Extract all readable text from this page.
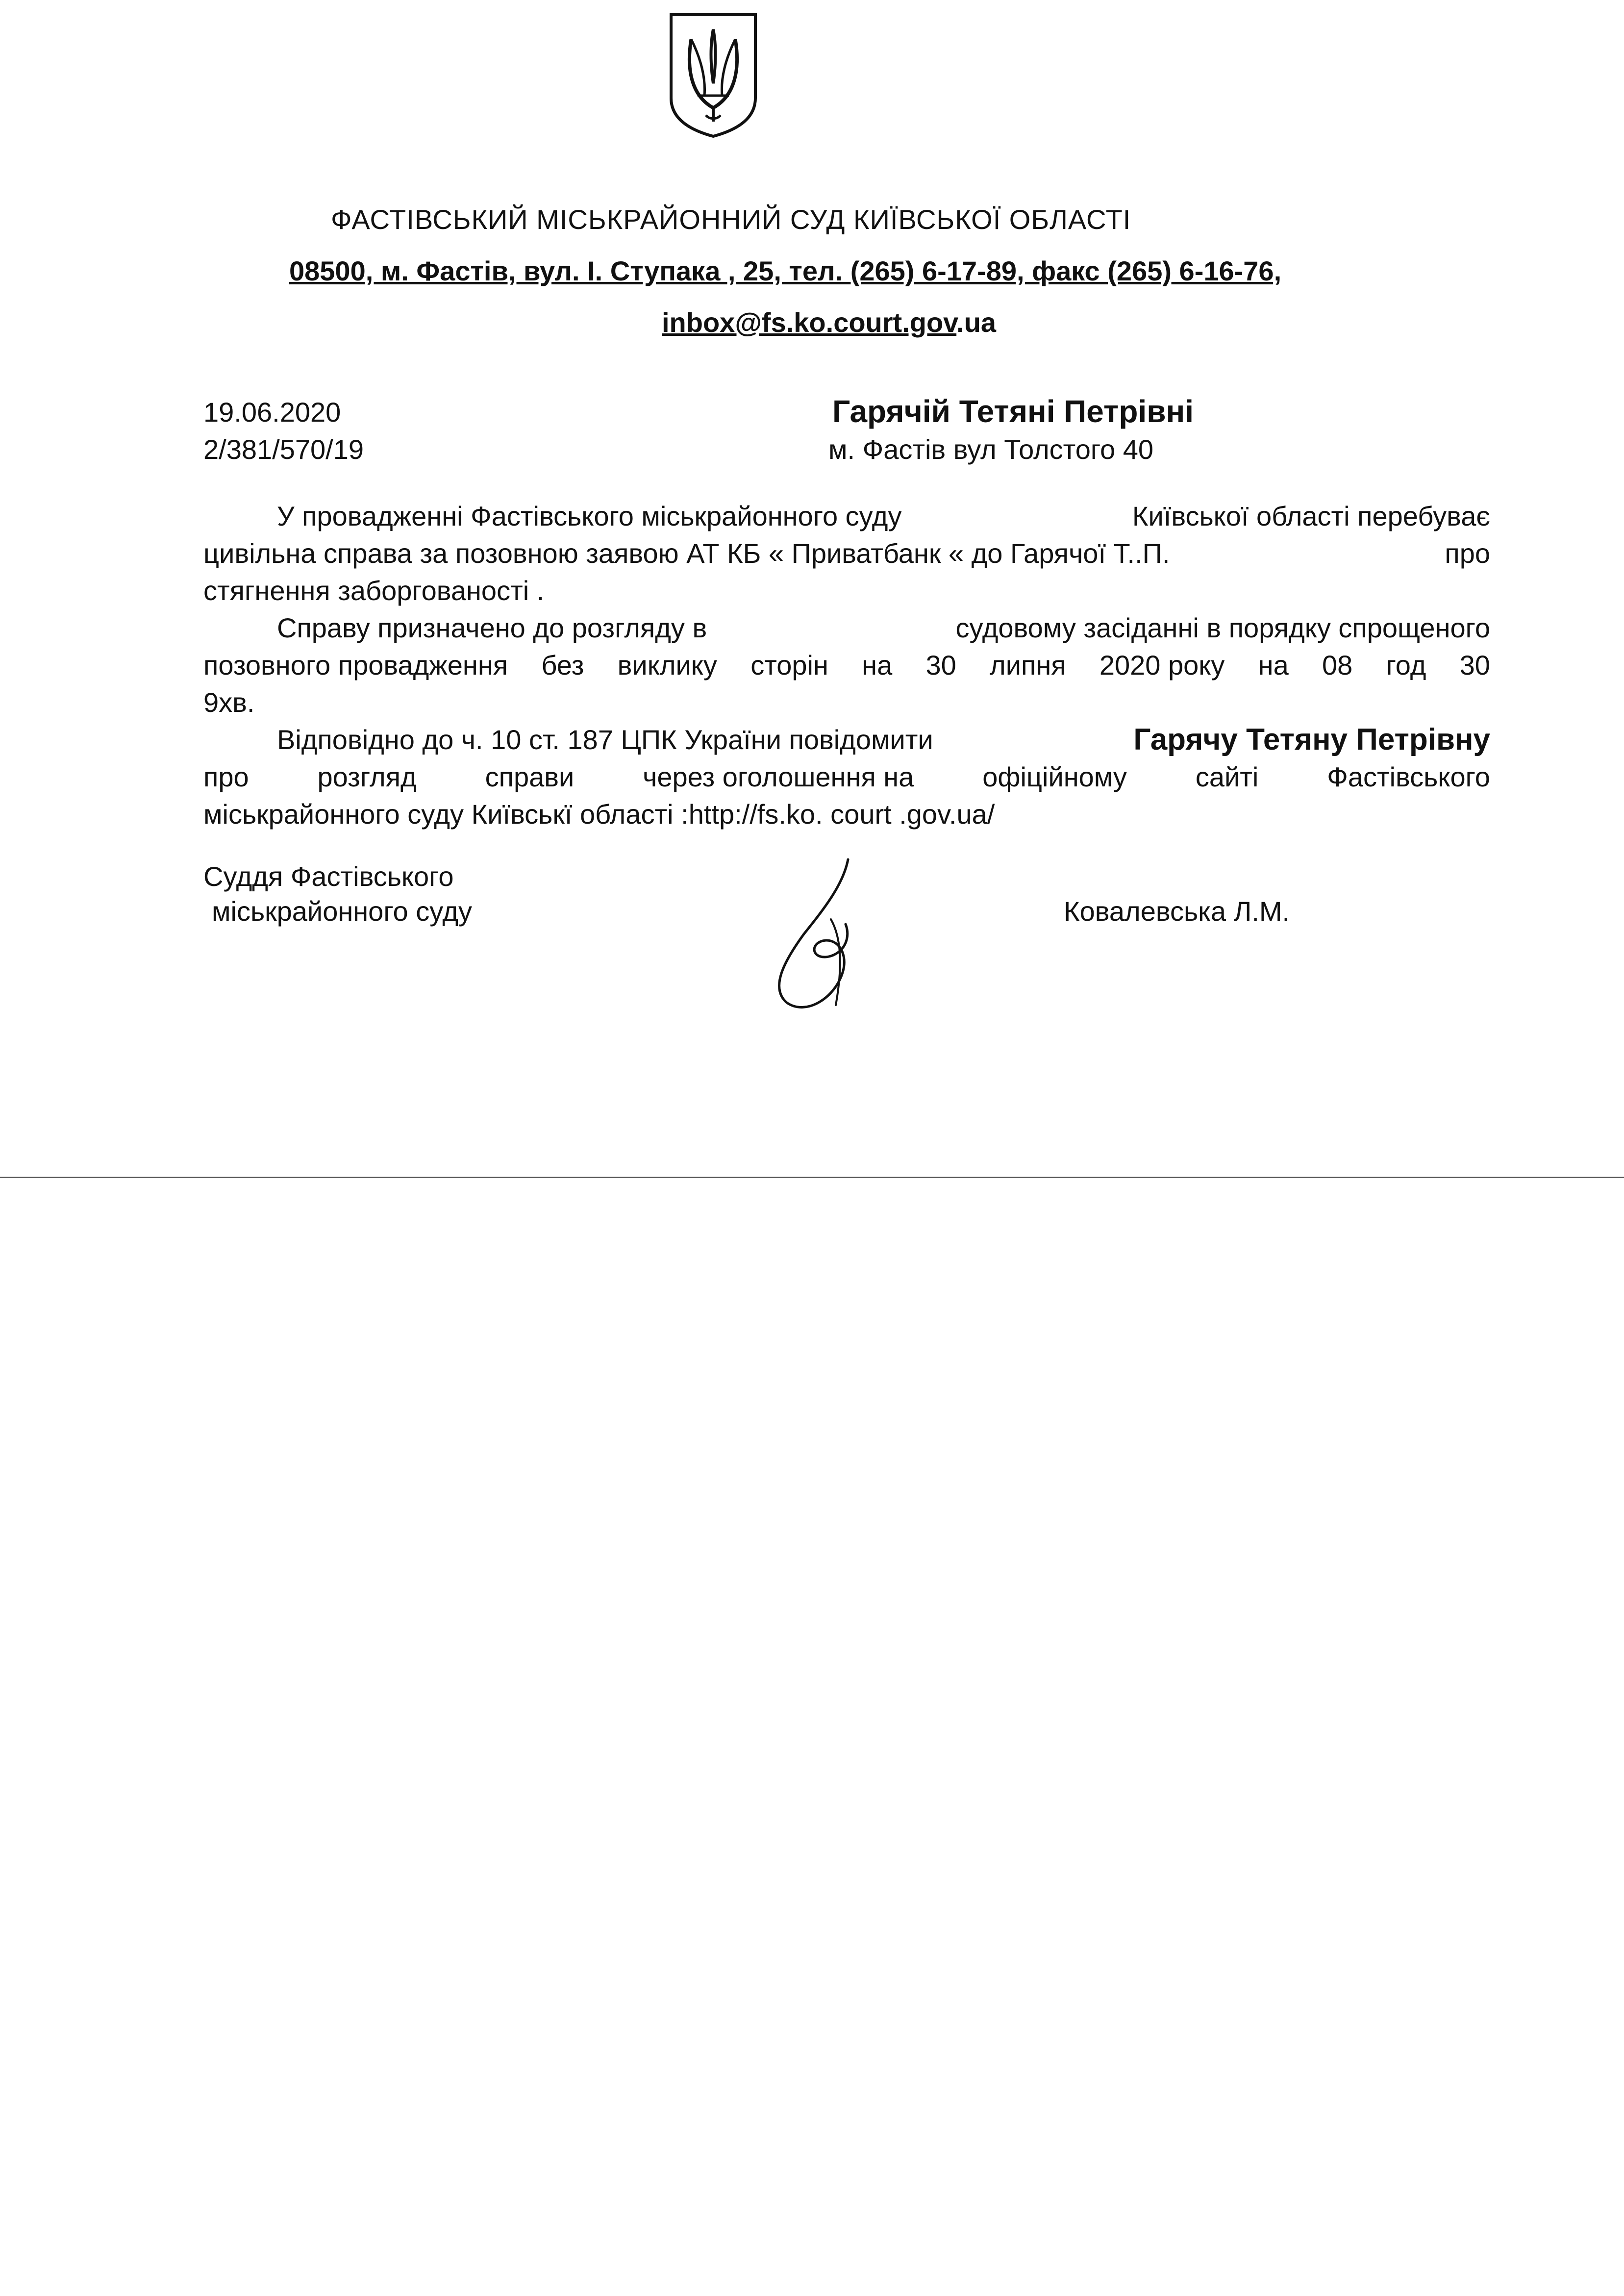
ФАСТІВСЬКИЙ МІСЬКРАЙОННИЙ СУД КИЇВСЬКОЇ ОБЛАСТІ
08500, м. Фастів, вул. І. Ступака , 25, тел. (265) 6-17-89, факс (265) 6-16-76,
inbox@fs.ko.court.gov.ua
19.06.2020
2/381/570/19
Гарячій Тетяні Петрівні
м. Фастів вул Толстого 40
У провадженні Фастівського міськрайонного суду	Київської області перебуває
цивільна справа за позовною заявою АТ КБ « Приватбанк « до Гарячої Т..П.	про
стягнення заборгованості .
Справу призначено до розгляду в	судовому засіданні в порядку спрощеного
позовного провадження без виклику сторін на 30 липня 2020 року на 08 год 30
9хв.
Відповідно до ч. 10 ст. 187 ЦПК України повідомити	Гарячу Тетяну Петрівну
про розгляд справи через оголошення на офіційному сайті Фастівського
міськрайонного суду Київськї області :http://fs.ko. court .gov.ua/
Суддя Фастівського
міськрайонного суду	Ковалевська Л.М.
